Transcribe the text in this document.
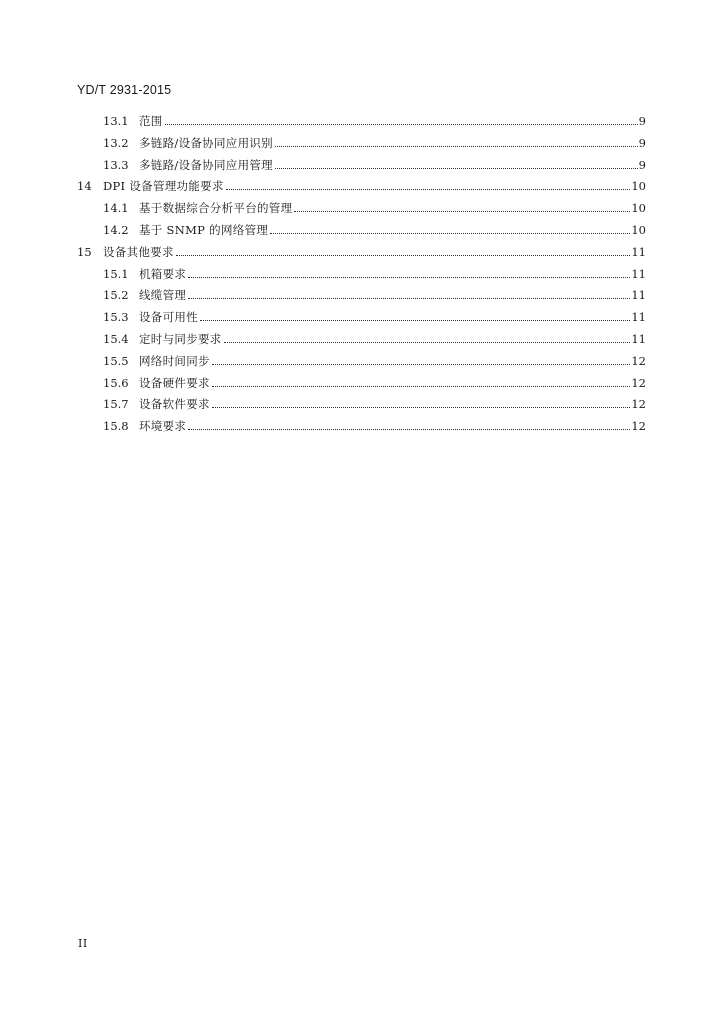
YD/T 2931-2015
13.1 范围	9
13.2 多链路/设备协同应用识别	9
13.3 多链路/设备协同应用管理	9
14 DPI 设备管理功能要求	10
14.1 基于数据综合分析平台的管理	10
14.2 基于 SNMP 的网络管理	10
15 设备其他要求	11
15.1 机箱要求	11
15.2 线缆管理	11
15.3 设备可用性	11
15.4 定时与同步要求	11
15.5 网络时间同步	12
15.6 设备硬件要求	12
15.7 设备软件要求	12
15.8 环境要求	12
II
